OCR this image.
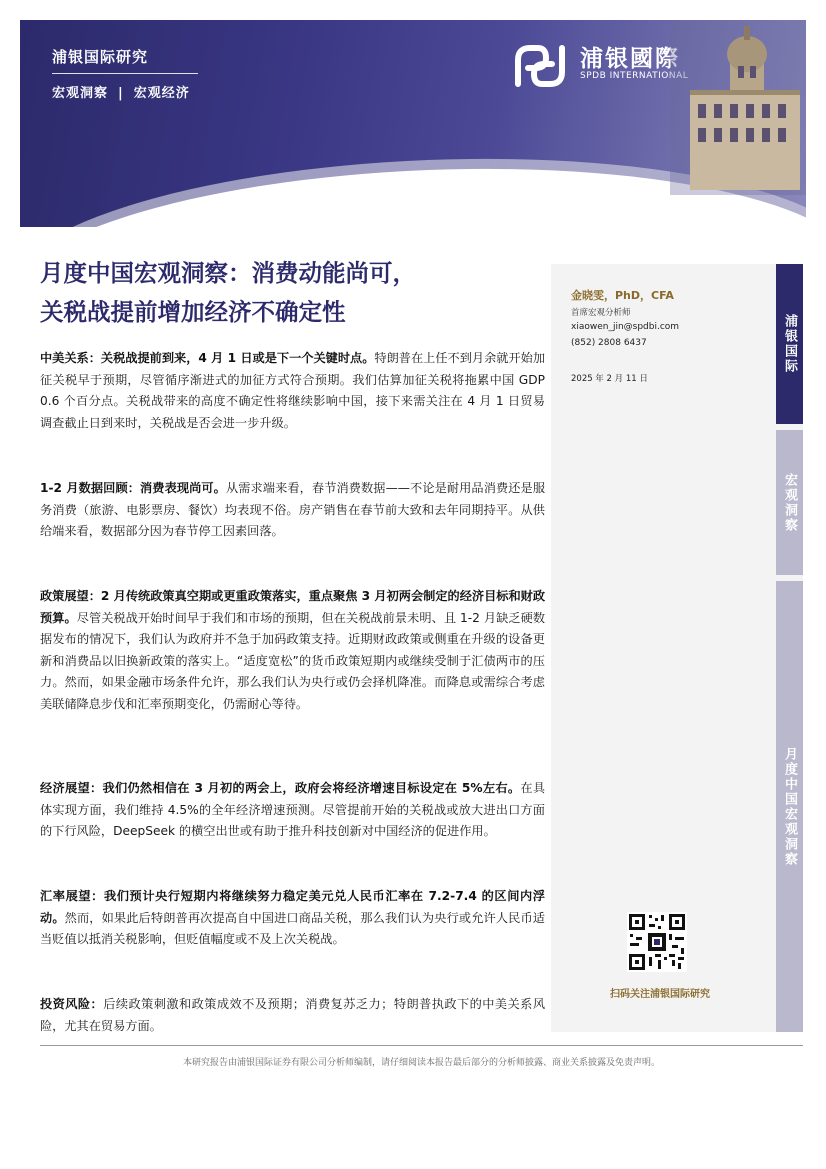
浦银国际研究
宏观洞察 | 宏观经济
浦银國際
SPDB INTERNATIONAL
月度中国宏观洞察：消费动能尚可，
关税战提前增加经济不确定性
浦银国际
宏观洞察
月度中国宏观洞察
金晓雯，PhD，CFA
首席宏观分析师
xiaowen_jin@spdbi.com
(852) 2808 6437
2025 年 2 月 11 日
扫码关注浦银国际研究
中美关系：关税战提前到来，4 月 1 日或是下一个关键时点。特朗普在上任不到月余就开始加征关税早于预期，尽管循序渐进式的加征方式符合预期。我们估算加征关税将拖累中国 GDP 0.6 个百分点。关税战带来的高度不确定性将继续影响中国，接下来需关注在 4 月 1 日贸易调查截止日到来时，关税战是否会进一步升级。
1-2 月数据回顾：消费表现尚可。从需求端来看，春节消费数据——不论是耐用品消费还是服务消费（旅游、电影票房、餐饮）均表现不俗。房产销售在春节前大致和去年同期持平。从供给端来看，数据部分因为春节停工因素回落。
政策展望：2 月传统政策真空期或更重政策落实，重点聚焦 3 月初两会制定的经济目标和财政预算。尽管关税战开始时间早于我们和市场的预期，但在关税战前景未明、且 1-2 月缺乏硬数据发布的情况下，我们认为政府并不急于加码政策支持。近期财政政策或侧重在升级的设备更新和消费品以旧换新政策的落实上。“适度宽松”的货币政策短期内或继续受制于汇债两市的压力。然而，如果金融市场条件允许，那么我们认为央行或仍会择机降准。而降息或需综合考虑美联储降息步伐和汇率预期变化，仍需耐心等待。
经济展望：我们仍然相信在 3 月初的两会上，政府会将经济增速目标设定在 5%左右。在具体实现方面，我们维持 4.5%的全年经济增速预测。尽管提前开始的关税战或放大进出口方面的下行风险，DeepSeek 的横空出世或有助于推升科技创新对中国经济的促进作用。
汇率展望：我们预计央行短期内将继续努力稳定美元兑人民币汇率在 7.2-7.4 的区间内浮动。然而，如果此后特朗普再次提高自中国进口商品关税，那么我们认为央行或允许人民币适当贬值以抵消关税影响，但贬值幅度或不及上次关税战。
投资风险：后续政策刺激和政策成效不及预期；消费复苏乏力；特朗普执政下的中美关系风险，尤其在贸易方面。
本研究报告由浦银国际证券有限公司分析师编制，请仔细阅读本报告最后部分的分析师披露、商业关系披露及免责声明。
